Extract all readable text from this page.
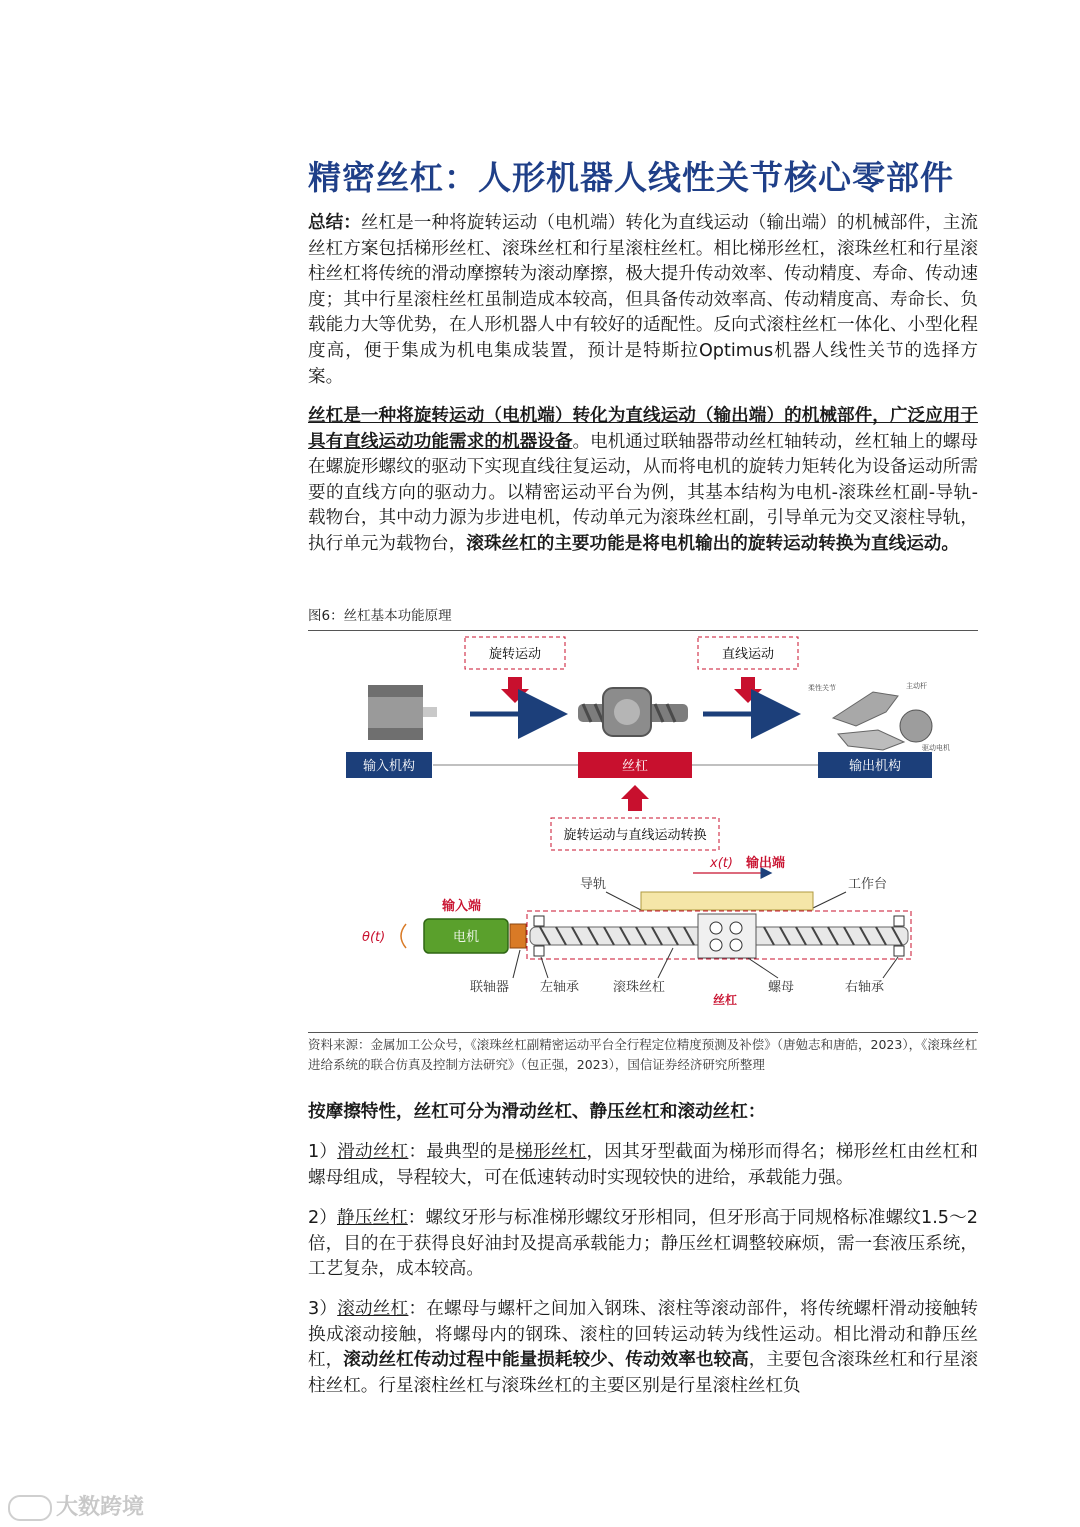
精密丝杠：人形机器人线性关节核心零部件
总结：丝杠是一种将旋转运动（电机端）转化为直线运动（输出端）的机械部件，主流丝杠方案包括梯形丝杠、滚珠丝杠和行星滚柱丝杠。相比梯形丝杠，滚珠丝杠和行星滚柱丝杠将传统的滑动摩擦转为滚动摩擦，极大提升传动效率、传动精度、寿命、传动速度；其中行星滚柱丝杠虽制造成本较高，但具备传动效率高、传动精度高、寿命长、负载能力大等优势，在人形机器人中有较好的适配性。反向式滚柱丝杠一体化、小型化程度高，便于集成为机电集成装置，预计是特斯拉Optimus机器人线性关节的选择方案。
丝杠是一种将旋转运动（电机端）转化为直线运动（输出端）的机械部件，广泛应用于具有直线运动功能需求的机器设备。电机通过联轴器带动丝杠轴转动，丝杠轴上的螺母在螺旋形螺纹的驱动下实现直线往复运动，从而将电机的旋转力矩转化为设备运动所需要的直线方向的驱动力。以精密运动平台为例，其基本结构为电机-滚珠丝杠副-导轨-载物台，其中动力源为步进电机，传动单元为滚珠丝杠副，引导单元为交叉滚柱导轨，执行单元为载物台，滚珠丝杠的主要功能是将电机输出的旋转运动转换为直线运动。
图6：丝杠基本功能原理
旋转运动	直线运动
柔性关节	主动杆
驱动电机
输入机构	丝杠	输出机构
旋转运动与直线运动转换
x(t) 输出端
导轨	工作台
输入端
电机
θ(t)
联轴器 左轴承	滚珠丝杠	螺母	右轴承
丝杠
资料来源：金属加工公众号，《滚珠丝杠副精密运动平台全行程定位精度预测及补偿》（唐勉志和唐皓，2023），《滚珠丝杠进给系统的联合仿真及控制方法研究》（包正强，2023），国信证券经济研究所整理
按摩擦特性，丝杠可分为滑动丝杠、静压丝杠和滚动丝杠：
1）滑动丝杠：最典型的是梯形丝杠，因其牙型截面为梯形而得名；梯形丝杠由丝杠和螺母组成，导程较大，可在低速转动时实现较快的进给，承载能力强。
2）静压丝杠：螺纹牙形与标准梯形螺纹牙形相同，但牙形高于同规格标准螺纹1.5～2倍，目的在于获得良好油封及提高承载能力；静压丝杠调整较麻烦，需一套液压系统，工艺复杂，成本较高。
3）滚动丝杠：在螺母与螺杆之间加入钢珠、滚柱等滚动部件，将传统螺杆滑动接触转换成滚动接触，将螺母内的钢珠、滚柱的回转运动转为线性运动。相比滑动和静压丝杠，滚动丝杠传动过程中能量损耗较少、传动效率也较高，主要包含滚珠丝杠和行星滚柱丝杠。行星滚柱丝杠与滚珠丝杠的主要区别是行星滚柱丝杠负
大数跨境
